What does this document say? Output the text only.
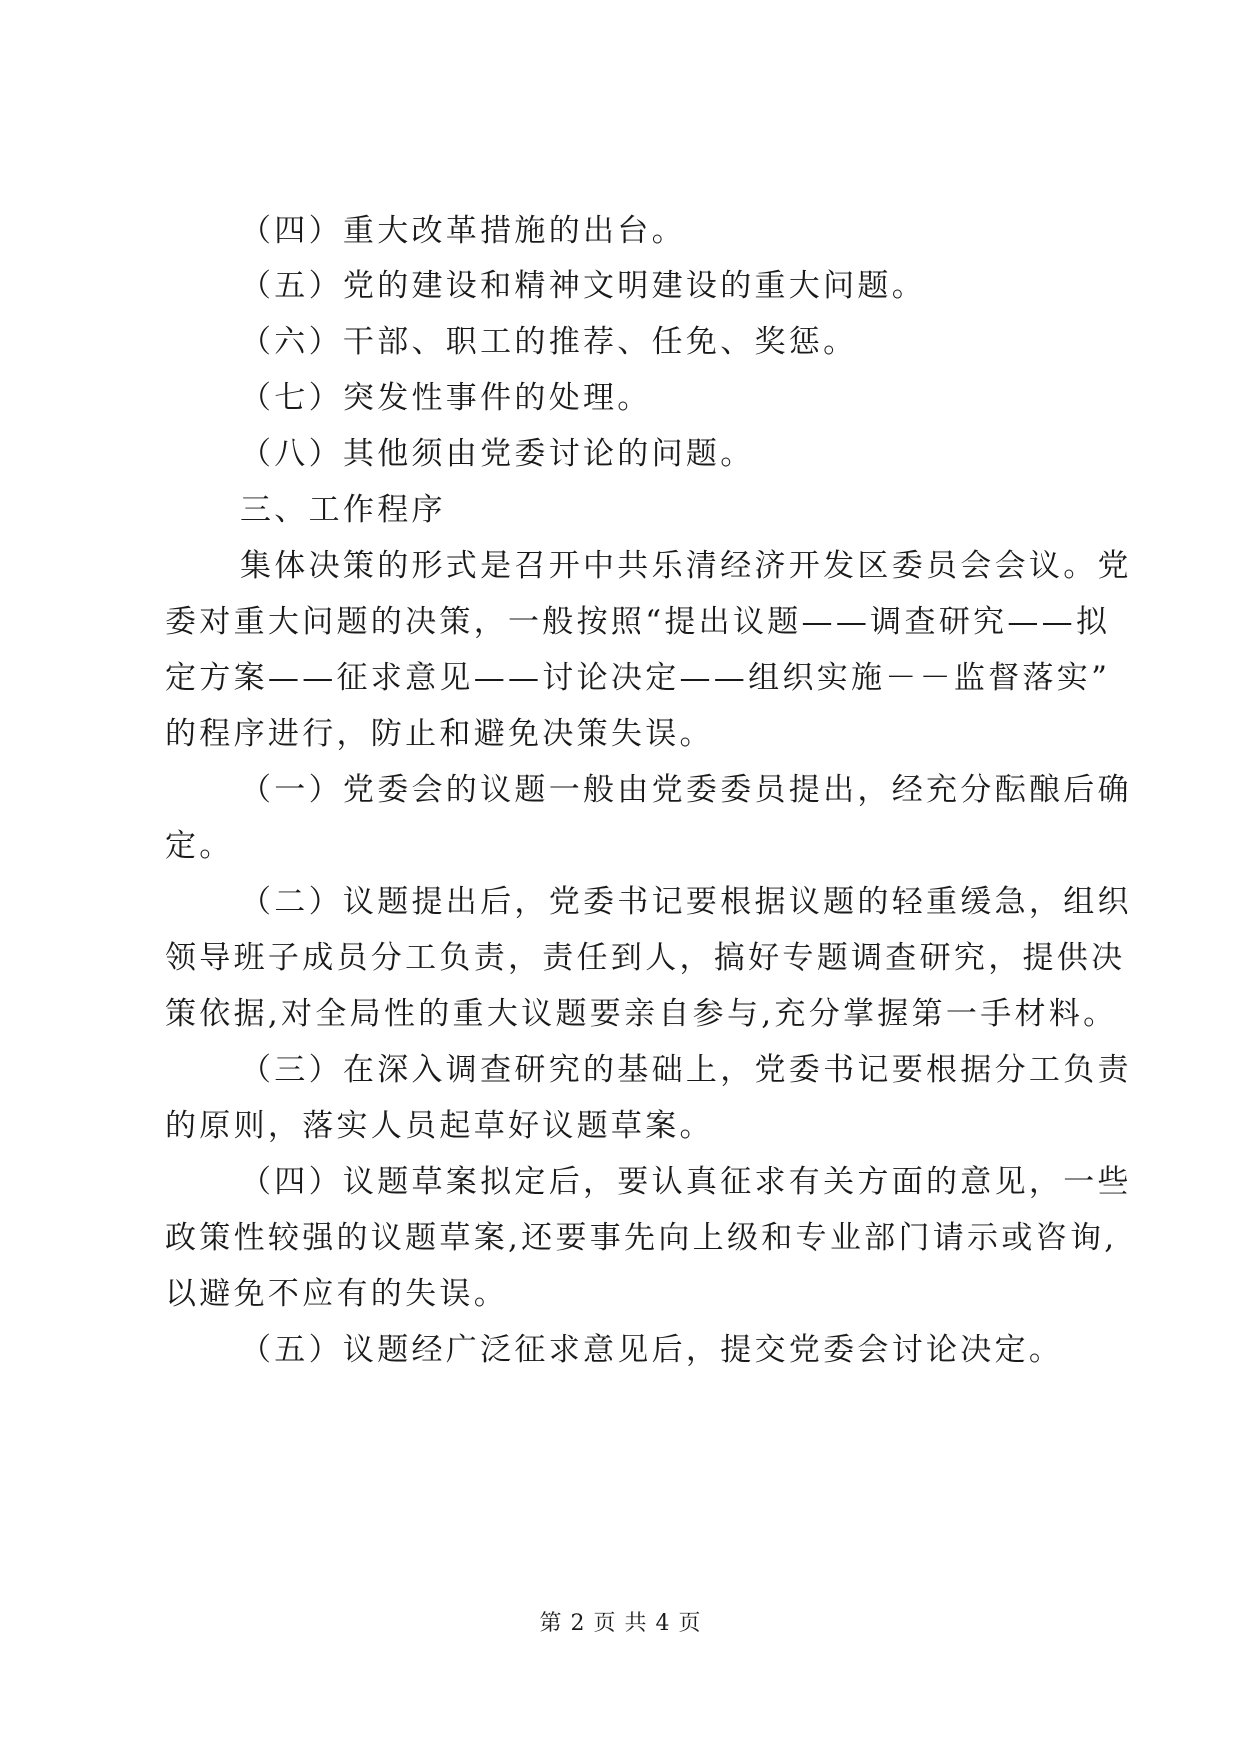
（四）重大改革措施的出台。
（五）党的建设和精神文明建设的重大问题。
（六）干部、职工的推荐、任免、奖惩。
（七）突发性事件的处理。
（八）其他须由党委讨论的问题。
三、工作程序
集体决策的形式是召开中共乐清经济开发区委员会会议。党
委对重大问题的决策，一般按照“提出议题——调查研究——拟
定方案——征求意见——讨论决定——组织实施－－监督落实”
的程序进行，防止和避免决策失误。
（一）党委会的议题一般由党委委员提出，经充分酝酿后确
定。
（二）议题提出后，党委书记要根据议题的轻重缓急，组织
领导班子成员分工负责，责任到人，搞好专题调查研究，提供决
策依据,对全局性的重大议题要亲自参与,充分掌握第一手材料。
（三）在深入调查研究的基础上，党委书记要根据分工负责
的原则，落实人员起草好议题草案。
（四）议题草案拟定后，要认真征求有关方面的意见，一些
政策性较强的议题草案,还要事先向上级和专业部门请示或咨询,
以避免不应有的失误。
（五）议题经广泛征求意见后，提交党委会讨论决定。
第 2 页 共 4 页
